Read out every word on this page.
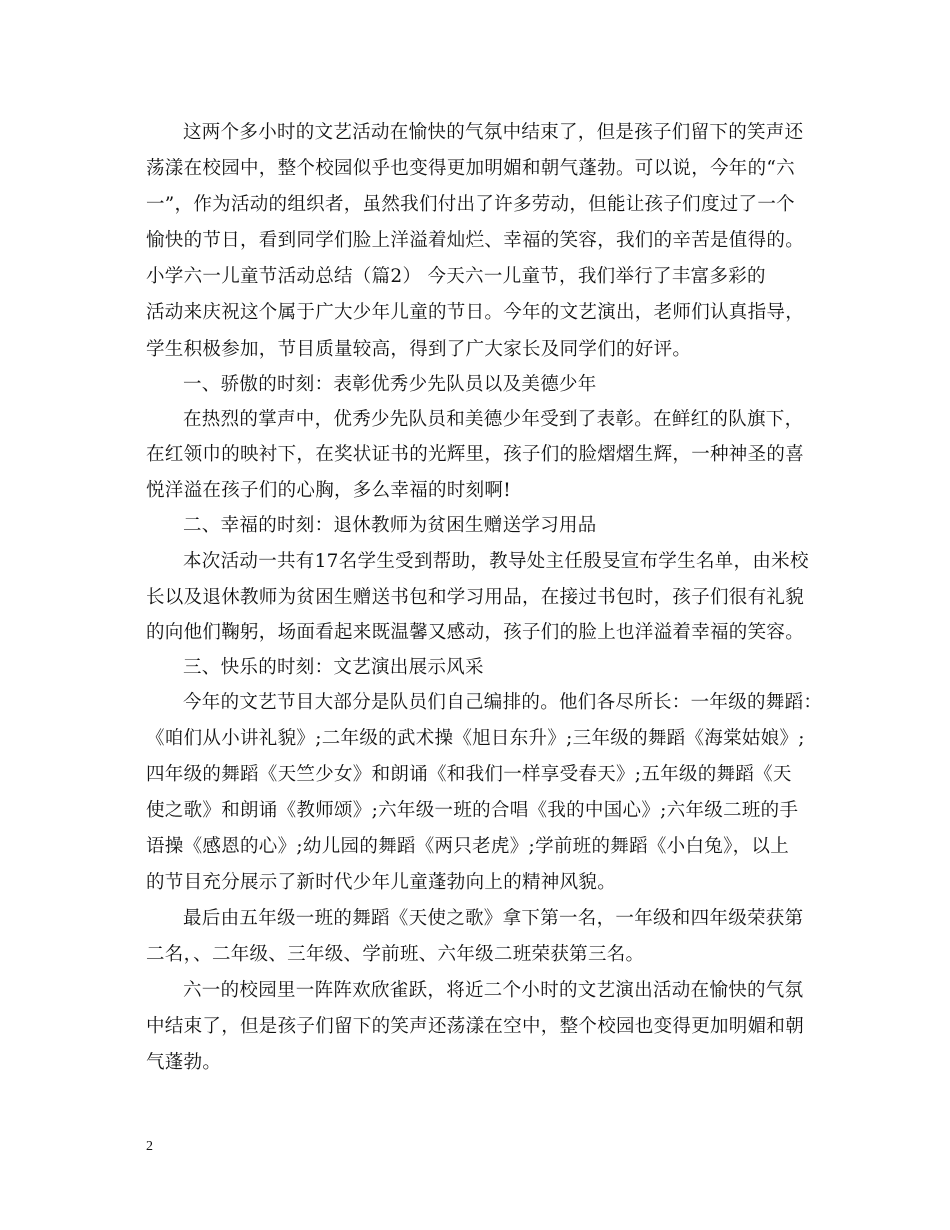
这两个多小时的文艺活动在愉快的气氛中结束了，但是孩子们留下的笑声还
荡漾在校园中，整个校园似乎也变得更加明媚和朝气蓬勃。可以说，今年的“六
一”，作为活动的组织者，虽然我们付出了许多劳动，但能让孩子们度过了一个
愉快的节日，看到同学们脸上洋溢着灿烂、幸福的笑容，我们的辛苦是值得的。
小学六一儿童节活动总结（篇2） 今天六一儿童节，我们举行了丰富多彩的
活动来庆祝这个属于广大少年儿童的节日。今年的文艺演出，老师们认真指导，
学生积极参加，节目质量较高，得到了广大家长及同学们的好评。
一、骄傲的时刻：表彰优秀少先队员以及美德少年
在热烈的掌声中，优秀少先队员和美德少年受到了表彰。在鲜红的队旗下，
在红领巾的映衬下，在奖状证书的光辉里，孩子们的脸熠熠生辉，一种神圣的喜
悦洋溢在孩子们的心胸，多么幸福的时刻啊!
二、幸福的时刻：退休教师为贫困生赠送学习用品
本次活动一共有17名学生受到帮助，教导处主任殷旻宣布学生名单，由米校
长以及退休教师为贫困生赠送书包和学习用品，在接过书包时，孩子们很有礼貌
的向他们鞠躬，场面看起来既温馨又感动，孩子们的脸上也洋溢着幸福的笑容。
三、快乐的时刻：文艺演出展示风采
今年的文艺节目大部分是队员们自己编排的。他们各尽所长：一年级的舞蹈：
《咱们从小讲礼貌》;二年级的武术操《旭日东升》;三年级的舞蹈《海棠姑娘》;
四年级的舞蹈《天竺少女》和朗诵《和我们一样享受春天》;五年级的舞蹈《天
使之歌》和朗诵《教师颂》;六年级一班的合唱《我的中国心》;六年级二班的手
语操《感恩的心》;幼儿园的舞蹈《两只老虎》;学前班的舞蹈《小白兔》，以上
的节目充分展示了新时代少年儿童蓬勃向上的精神风貌。
最后由五年级一班的舞蹈《天使之歌》拿下第一名，一年级和四年级荣获第
二名，、二年级、三年级、学前班、六年级二班荣获第三名。
六一的校园里一阵阵欢欣雀跃，将近二个小时的文艺演出活动在愉快的气氛
中结束了，但是孩子们留下的笑声还荡漾在空中，整个校园也变得更加明媚和朝
气蓬勃。
2
